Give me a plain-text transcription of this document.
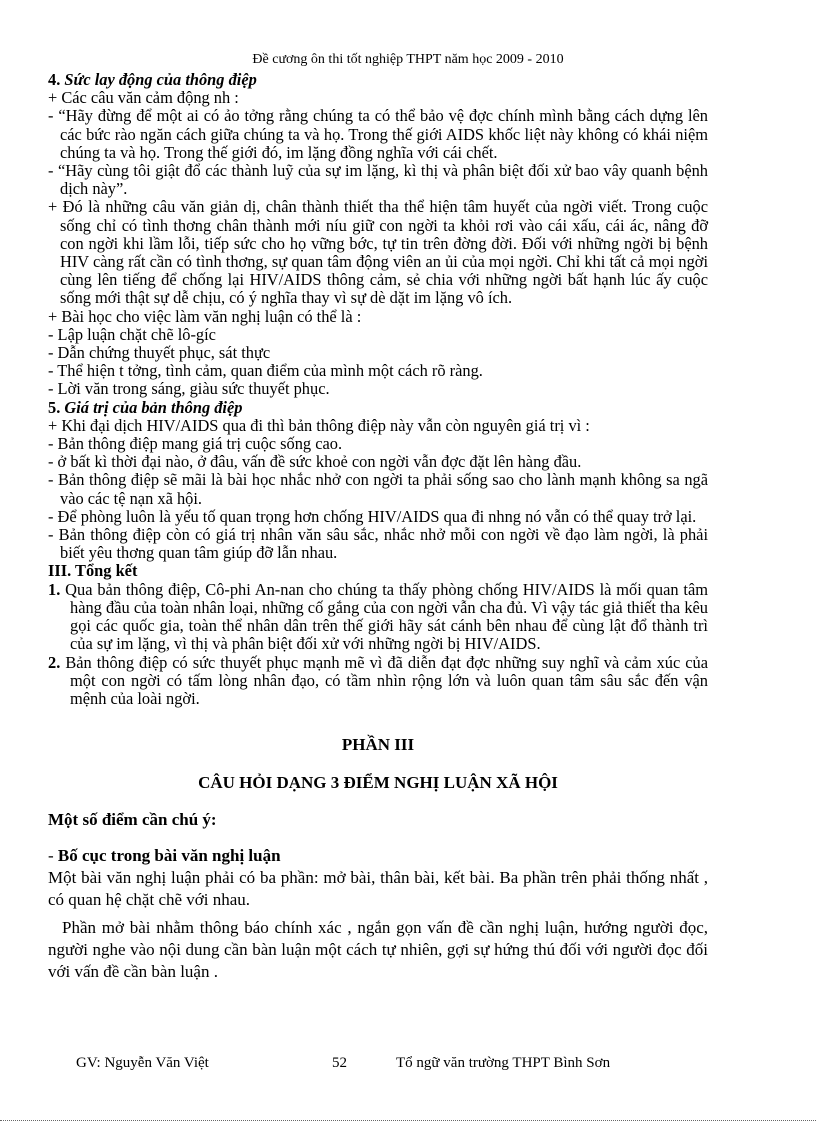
Đề cương ôn thi tốt nghiệp THPT năm học 2009 - 2010

4. Sức lay động của thông điệp

+ Các câu văn cảm động nh :

- “Hãy đừng để một ai có ảo tởng rằng chúng ta có thể bảo vệ đợc chính mình bằng cách dựng lên các bức rào ngăn cách giữa chúng ta và họ. Trong thế giới AIDS khốc liệt này không có khái niệm chúng ta và họ. Trong thế giới đó, im lặng đồng nghĩa với cái chết.

- “Hãy cùng tôi giật đổ các thành luỹ của sự im lặng, kì thị và phân biệt đối xử bao vây quanh bệnh dịch này”.

+ Đó là những câu văn giản dị, chân thành thiết tha thể hiện tâm huyết của ngời viết. Trong cuộc sống chỉ có tình thơng chân thành mới níu giữ con ngời ta khỏi rơi vào cái xấu, cái ác, nâng đỡ con ngời khi lầm lỗi, tiếp sức cho họ vững bớc, tự tin trên đờng đời. Đối với những ngời bị bệnh HIV càng rất cần có tình thơng, sự quan tâm động viên an ủi của mọi ngời. Chỉ khi tất cả mọi ngời cùng lên tiếng để chống lại HIV/AIDS thông cảm, sẻ chia với những ngời bất hạnh lúc ấy cuộc sống mới thật sự dễ chịu, có ý nghĩa thay vì sự dè dặt im lặng vô ích.

+ Bài học cho việc làm văn nghị luận có thể là :

- Lập luận chặt chẽ lô-gíc

- Dẫn chứng thuyết phục, sát thực

- Thể hiện t tởng, tình cảm, quan điểm của mình một cách rõ ràng.

- Lời văn trong sáng, giàu sức thuyết phục.

5. Giá trị của bản thông điệp

+ Khi đại dịch HIV/AIDS qua đi thì bản thông điệp này vẫn còn nguyên giá trị vì :

- Bản thông điệp mang giá trị cuộc sống cao.

- ở bất kì thời đại nào, ở đâu, vấn đề sức khoẻ con ngời vẫn đợc đặt lên hàng đầu.

- Bản thông điệp sẽ mãi là bài học nhắc nhở con ngời ta phải sống sao cho lành mạnh không sa ngã vào các tệ nạn xã hội.

- Để phòng luôn là yếu tố quan trọng hơn chống HIV/AIDS qua đi nhng nó vẫn có thể quay trở lại.

- Bản thông điệp còn có giá trị nhân văn sâu sắc, nhắc nhở mỗi con ngời về đạo làm ngời, là phải biết yêu thơng quan tâm giúp đỡ lẫn nhau.

III. Tổng kết

1. Qua bản thông điệp, Cô-phi An-nan cho chúng ta thấy phòng chống HIV/AIDS là mối quan tâm hàng đầu của toàn nhân loại, những cố gắng của con ngời vẫn cha đủ. Vì vậy tác giả thiết tha kêu gọi các quốc gia, toàn thể nhân dân trên thế giới hãy sát cánh bên nhau để cùng lật đổ thành trì của sự im lặng, vì thị và phân biệt đối xử với những ngời bị HIV/AIDS.

2. Bản thông điệp có sức thuyết phục mạnh mẽ vì đã diễn đạt đợc những suy nghĩ và cảm xúc của một con ngời có tấm lòng nhân đạo, có tầm nhìn rộng lớn và luôn quan tâm sâu sắc đến vận mệnh của loài ngời.

PHẦN III

CÂU HỎI DẠNG 3 ĐIỂM NGHỊ LUẬN XÃ HỘI

Một số điểm cần chú ý:

- Bố cục trong bài văn nghị luận

Một bài văn nghị luận phải có ba phần: mở bài, thân bài, kết bài. Ba phần trên phải thống nhất , có quan hệ chặt chẽ với nhau.

Phần mở bài nhằm thông báo chính xác , ngắn gọn vấn đề cần nghị luận, hướng người đọc, người nghe vào nội dung cần bàn luận một cách tự nhiên, gợi sự hứng thú đối với người đọc đối với vấn đề cần bàn luận .

GV: Nguyễn Văn Việt	52	Tổ ngữ văn trường THPT Bình Sơn
